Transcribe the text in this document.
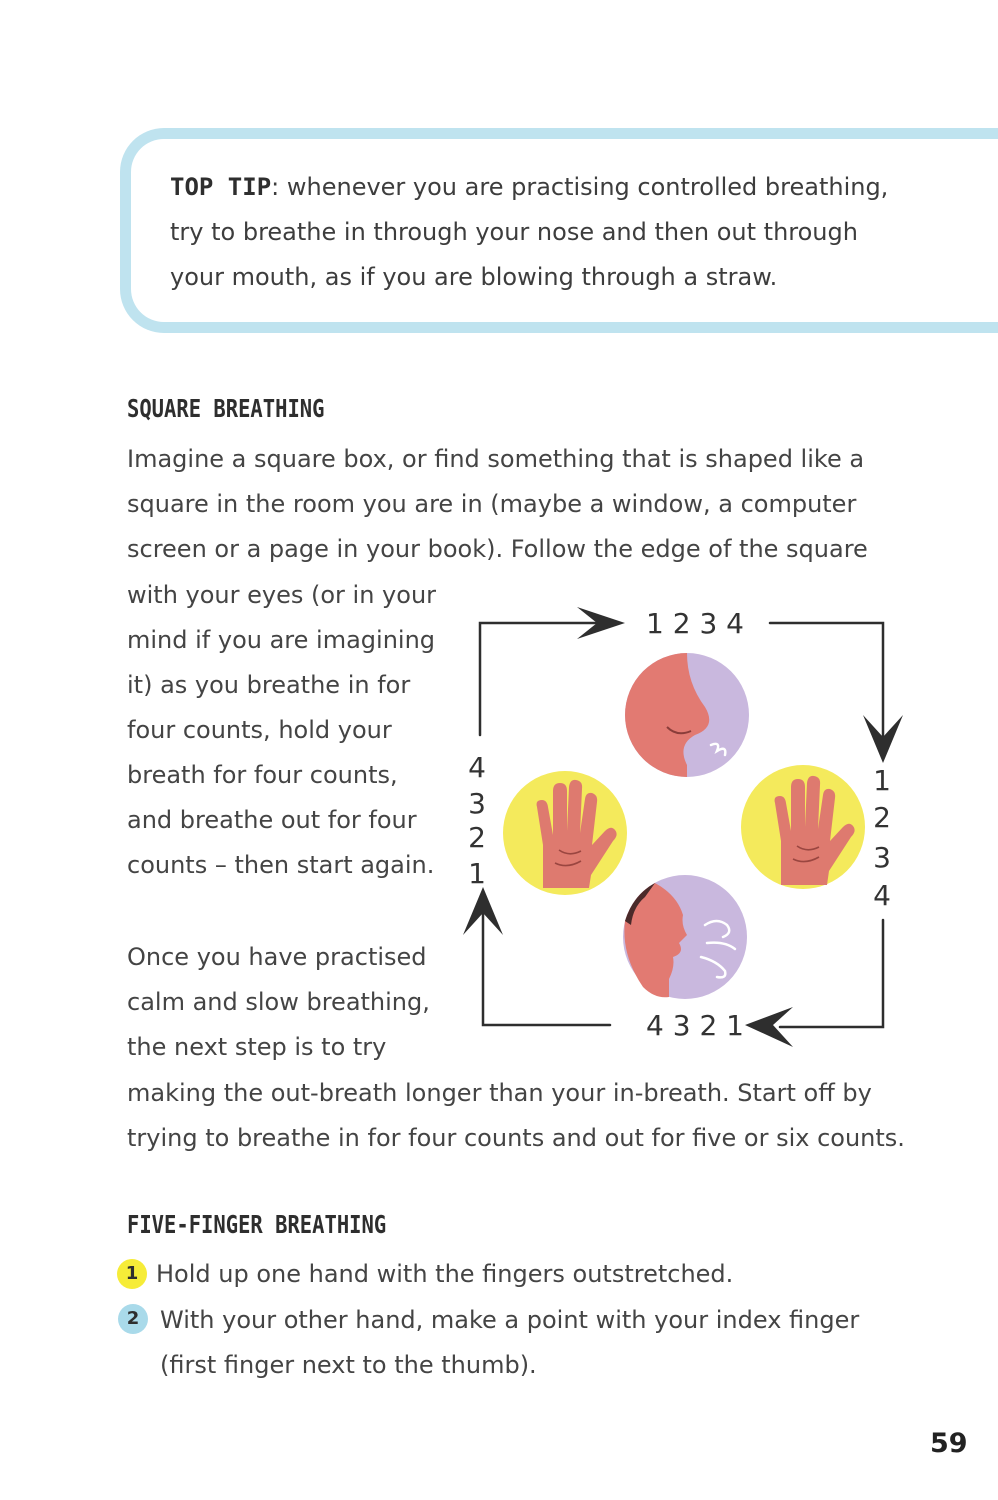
TOP TIP: whenever you are practising controlled breathing,
try to breathe in through your nose and then out through
your mouth, as if you are blowing through a straw.
SQUARE BREATHING

Imagine a square box, or find something that is shaped like a
square in the room you are in (maybe a window, a computer
screen or a page in your book). Follow the edge of the square

with your eyes (or in your
mind if you are imagining
it) as you breathe in for
four counts, hold your
breath for four counts,
and breathe out for four
counts – then start again.

Once you have practised
calm and slow breathing,
the next step is to try

making the out-breath longer than your in-breath. Start off by
trying to breathe in for four counts and out for five or six counts.

1 2 3 4
4 3 2 1
1
2
3
4
4
3
2
1
FIVE-FINGER BREATHING
1 Hold up one hand with the fingers outstretched.

2 With your other hand, make a point with your index finger
(first finger next to the thumb).

59
